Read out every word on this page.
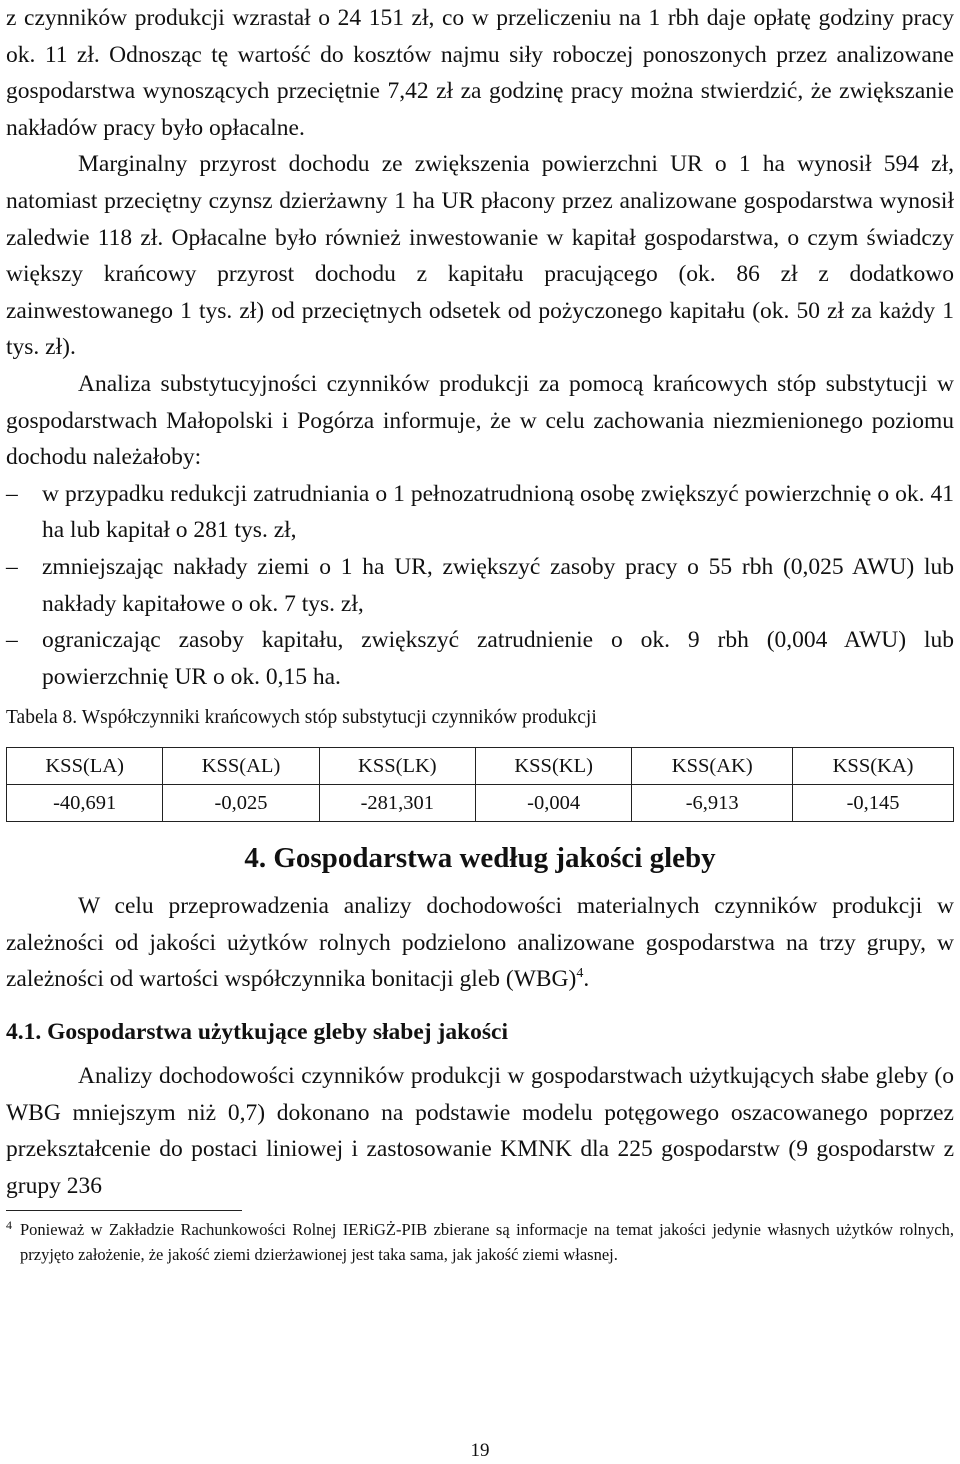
z czynników produkcji wzrastał o 24 151 zł, co w przeliczeniu na 1 rbh daje opłatę godziny pracy ok. 11 zł. Odnosząc tę wartość do kosztów najmu siły roboczej ponoszonych przez analizowane gospodarstwa wynoszących przeciętnie 7,42 zł za godzinę pracy można stwierdzić, że zwiększanie nakładów pracy było opłacalne.

Marginalny przyrost dochodu ze zwiększenia powierzchni UR o 1 ha wynosił 594 zł, natomiast przeciętny czynsz dzierżawny 1 ha UR płacony przez analizowane gospodarstwa wynosił zaledwie 118 zł. Opłacalne było również inwestowanie w kapitał gospodarstwa, o czym świadczy większy krańcowy przyrost dochodu z kapitału pracującego (ok. 86 zł z dodatkowo zainwestowanego 1 tys. zł) od przeciętnych odsetek od pożyczonego kapitału (ok. 50 zł za każdy 1 tys. zł).

Analiza substytucyjności czynników produkcji za pomocą krańcowych stóp substytucji w gospodarstwach Małopolski i Pogórza informuje, że w celu zachowania niezmienionego poziomu dochodu należałoby:

– w przypadku redukcji zatrudniania o 1 pełnozatrudnioną osobę zwiększyć powierzchnię o ok. 41 ha lub kapitał o 281 tys. zł,
– zmniejszając nakłady ziemi o 1 ha UR, zwiększyć zasoby pracy o 55 rbh (0,025 AWU) lub nakłady kapitałowe o ok. 7 tys. zł,
– ograniczając zasoby kapitału, zwiększyć zatrudnienie o ok. 9 rbh (0,004 AWU) lub powierzchnię UR o ok. 0,15 ha.

Tabela 8. Współczynniki krańcowych stóp substytucji czynników produkcji

KSS(LA)	KSS(AL)	KSS(LK)	KSS(KL)	KSS(AK)	KSS(KA)
-40,691	-0,025	-281,301	-0,004	-6,913	-0,145
4. Gospodarstwa według jakości gleby

W celu przeprowadzenia analizy dochodowości materialnych czynników produkcji w zależności od jakości użytków rolnych podzielono analizowane gospodarstwa na trzy grupy, w zależności od wartości współczynnika bonitacji gleb (WBG)$^4$.

4.1. Gospodarstwa użytkujące gleby słabej jakości

Analizy dochodowości czynników produkcji w gospodarstwach użytkujących słabe gleby (o WBG mniejszym niż 0,7) dokonano na podstawie modelu potęgowego oszacowanego poprzez przekształcenie do postaci liniowej i zastosowanie KMNK dla 225 gospodarstw (9 gospodarstw z grupy 236

4 Ponieważ w Zakładzie Rachunkowości Rolnej IERiGŻ-PIB zbierane są informacje na temat jakości jedynie własnych użytków rolnych, przyjęto założenie, że jakość ziemi dzierżawionej jest taka sama, jak jakość ziemi własnej.

19
